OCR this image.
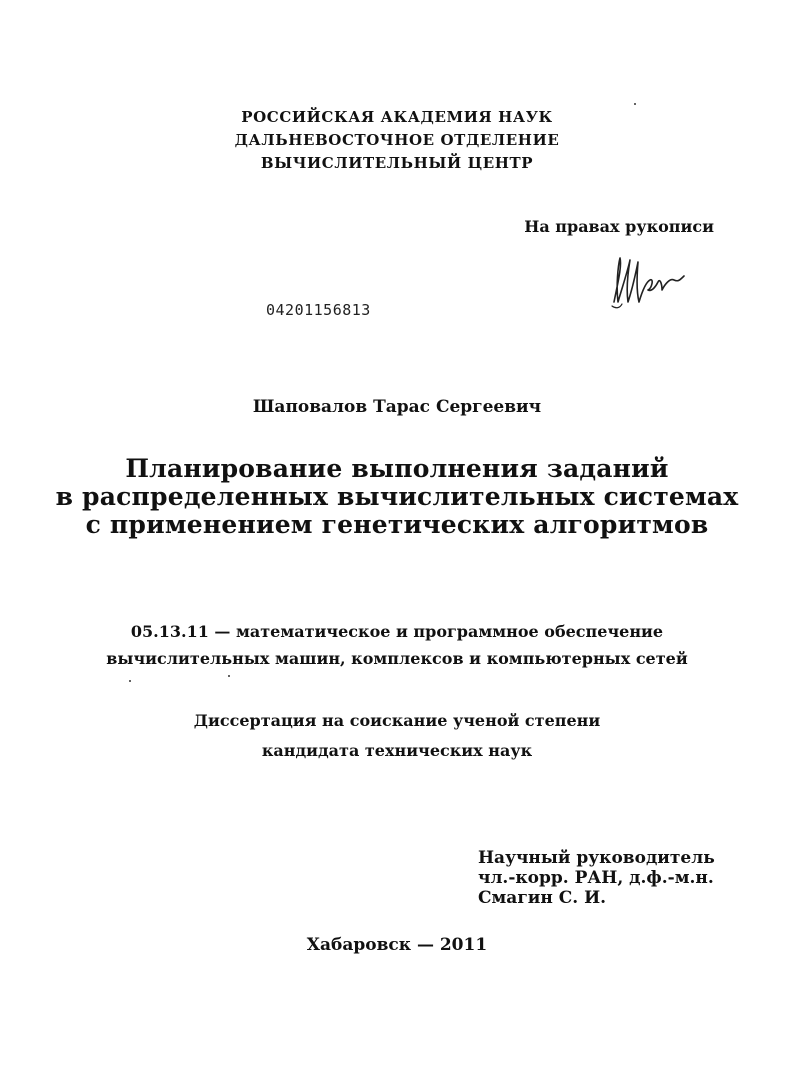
РОССИЙСКАЯ АКАДЕМИЯ НАУК
ДАЛЬНЕВОСТОЧНОЕ ОТДЕЛЕНИЕ
ВЫЧИСЛИТЕЛЬНЫЙ ЦЕНТР
На правах рукописи
04201156813
Шаповалов Тарас Сергеевич
Планирование выполнения заданий
в распределенных вычислительных системах
с применением генетических алгоритмов
05.13.11 — математическое и программное обеспечение
вычислительных машин, комплексов и компьютерных сетей
Диссертация на соискание ученой степени
кандидата технических наук
Научный руководитель
чл.-корр. РАН, д.ф.-м.н.
Смагин С. И.
Хабаровск — 2011
